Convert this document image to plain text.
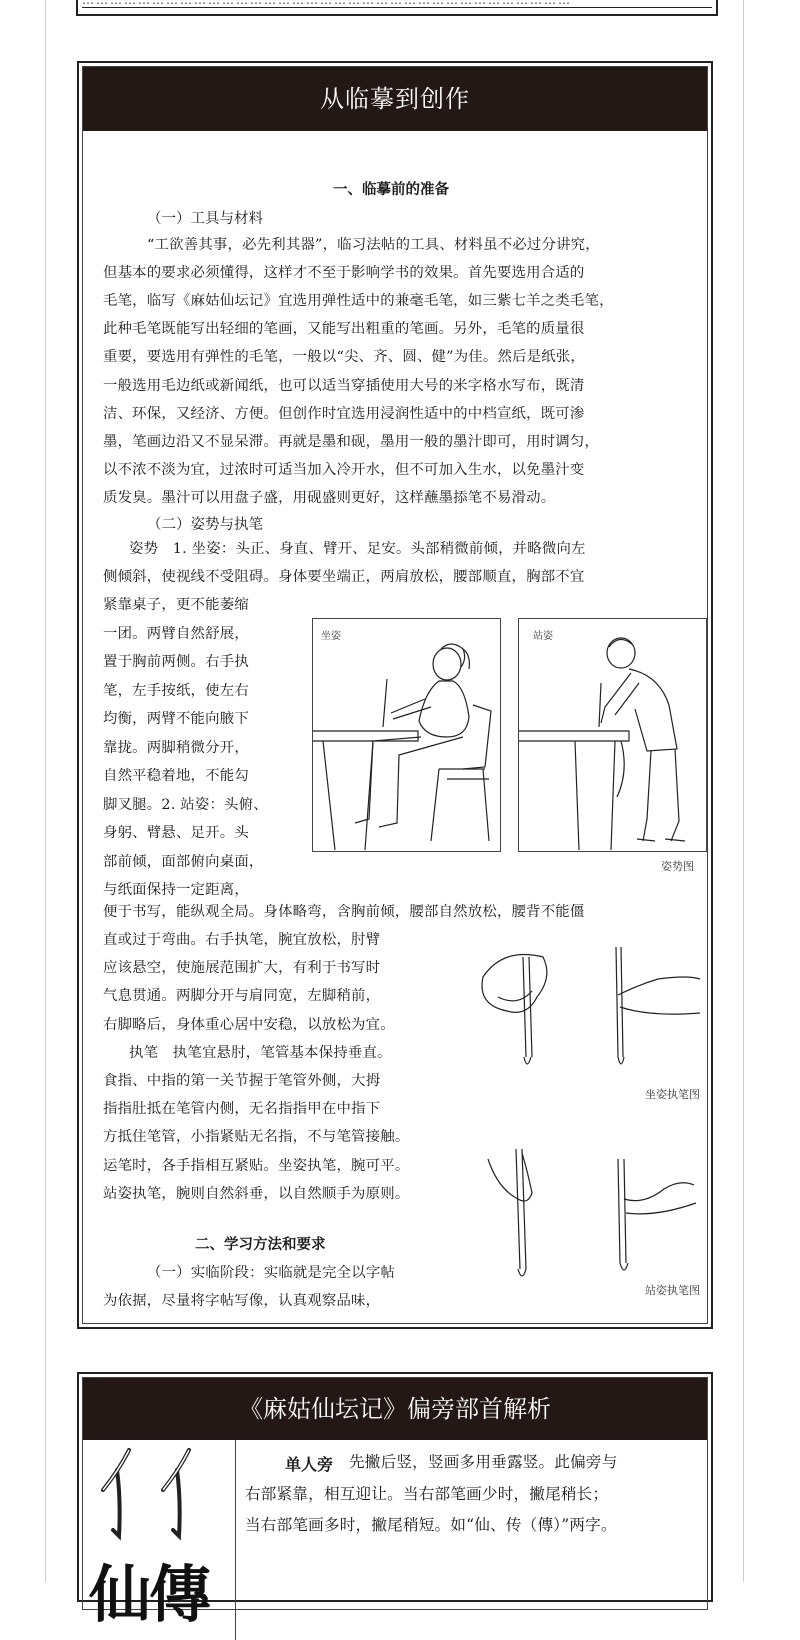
……………………………………………………………………………………………
从临摹到创作
一、临摹前的准备
（一）工具与材料
“工欲善其事，必先利其器”，临习法帖的工具、材料虽不必过分讲究，
但基本的要求必须懂得，这样才不至于影响学书的效果。首先要选用合适的
毛笔，临写《麻姑仙坛记》宜选用弹性适中的兼毫毛笔，如三紫七羊之类毛笔，
此种毛笔既能写出轻细的笔画，又能写出粗重的笔画。另外，毛笔的质量很
重要，要选用有弹性的毛笔，一般以“尖、齐、圆、健”为佳。然后是纸张，
一般选用毛边纸或新闻纸，也可以适当穿插使用大号的米字格水写布，既清
洁、环保，又经济、方便。但创作时宜选用浸润性适中的中档宣纸，既可渗
墨，笔画边沿又不显呆滞。再就是墨和砚，墨用一般的墨汁即可，用时调匀，
以不浓不淡为宜，过浓时可适当加入冷开水，但不可加入生水，以免墨汁变
质发臭。墨汁可以用盘子盛，用砚盛则更好，这样蘸墨掭笔不易滑动。
（二）姿势与执笔
姿势　1. 坐姿：头正、身直、臂开、足安。头部稍微前倾，并略微向左
侧倾斜，使视线不受阻碍。身体要坐端正，两肩放松，腰部顺直，胸部不宜
紧靠桌子，更不能萎缩
一团。两臂自然舒展，
置于胸前两侧。右手执
笔，左手按纸，使左右
均衡，两臂不能向腋下
靠拢。两脚稍微分开，
自然平稳着地，不能勾
脚叉腿。2. 站姿：头俯、
身躬、臂悬、足开。头
部前倾，面部俯向桌面，
与纸面保持一定距离，
便于书写，能纵观全局。身体略弯，含胸前倾，腰部自然放松，腰背不能僵
直或过于弯曲。右手执笔，腕宜放松，肘臂
应该悬空，使施展范围扩大，有利于书写时
气息贯通。两脚分开与肩同宽，左脚稍前，
右脚略后，身体重心居中安稳，以放松为宜。
执笔　执笔宜悬肘，笔管基本保持垂直。
食指、中指的第一关节握于笔管外侧，大拇
指指肚抵在笔管内侧，无名指指甲在中指下
方抵住笔管，小指紧贴无名指，不与笔管接触。
运笔时，各手指相互紧贴。坐姿执笔，腕可平。
站姿执笔，腕则自然斜垂，以自然顺手为原则。
二、学习方法和要求
（一）实临阶段：实临就是完全以字帖
为依据，尽量将字帖写像，认真观察品味，
坐姿	站姿
姿势图
坐姿执笔图
站姿执笔图
《麻姑仙坛记》偏旁部首解析
仙傳
单人旁 先撇后竖，竖画多用垂露竖。此偏旁与
右部紧靠，相互迎让。当右部笔画少时，撇尾稍长；
当右部笔画多时，撇尾稍短。如“仙、传（傳）”两字。
